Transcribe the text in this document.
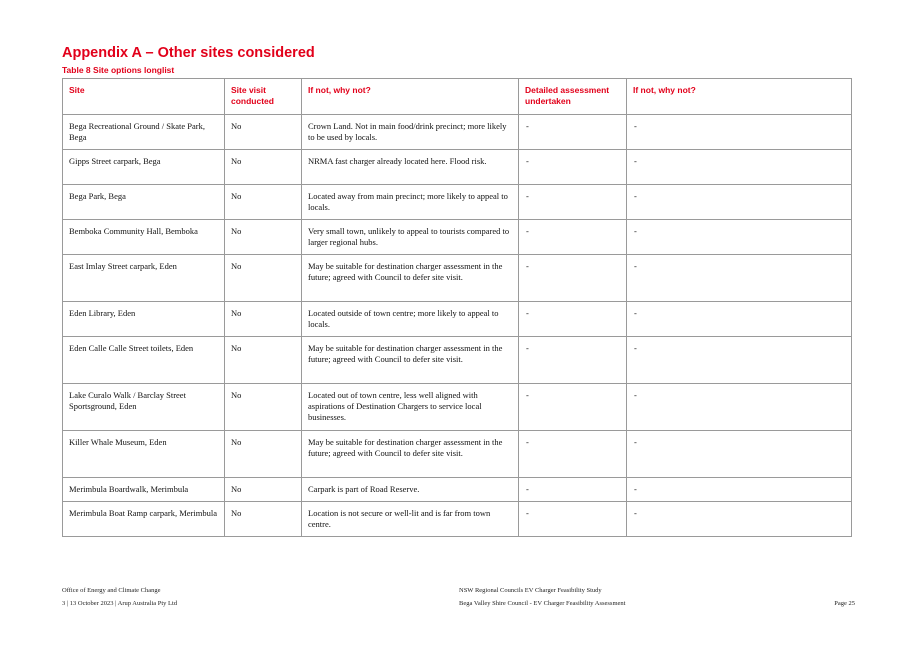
Appendix A – Other sites considered
Table 8 Site options longlist
Site	Site visit conducted	If not, why not?	Detailed assessment undertaken	If not, why not?
Bega Recreational Ground / Skate Park, Bega	No	Crown Land. Not in main food/drink precinct; more likely to be used by locals.	-	-
Gipps Street carpark, Bega	No	NRMA fast charger already located here. Flood risk.	-	-
Bega Park, Bega	No	Located away from main precinct; more likely to appeal to locals.	-	-
Bemboka Community Hall, Bemboka	No	Very small town, unlikely to appeal to tourists compared to larger regional hubs.	-	-
East Imlay Street carpark, Eden	No	May be suitable for destination charger assessment in the future; agreed with Council to defer site visit.	-	-
Eden Library, Eden	No	Located outside of town centre; more likely to appeal to locals.	-	-
Eden Calle Calle Street toilets, Eden	No	May be suitable for destination charger assessment in the future; agreed with Council to defer site visit.	-	-
Lake Curalo Walk / Barclay Street Sportsground, Eden	No	Located out of town centre, less well aligned with aspirations of Destination Chargers to service local businesses.	-	-
Killer Whale Museum, Eden	No	May be suitable for destination charger assessment in the future; agreed with Council to defer site visit.	-	-
Merimbula Boardwalk, Merimbula	No	Carpark is part of Road Reserve.	-	-
Merimbula Boat Ramp carpark, Merimbula	No	Location is not secure or well-lit and is far from town centre.	-	-
Office of Energy and Climate Change
3 | 13 October 2023 | Arup Australia Pty Ltd
NSW Regional Councils EV Charger Feasibility Study
Bega Valley Shire Council - EV Charger Feasibility Assessment	Page 25
